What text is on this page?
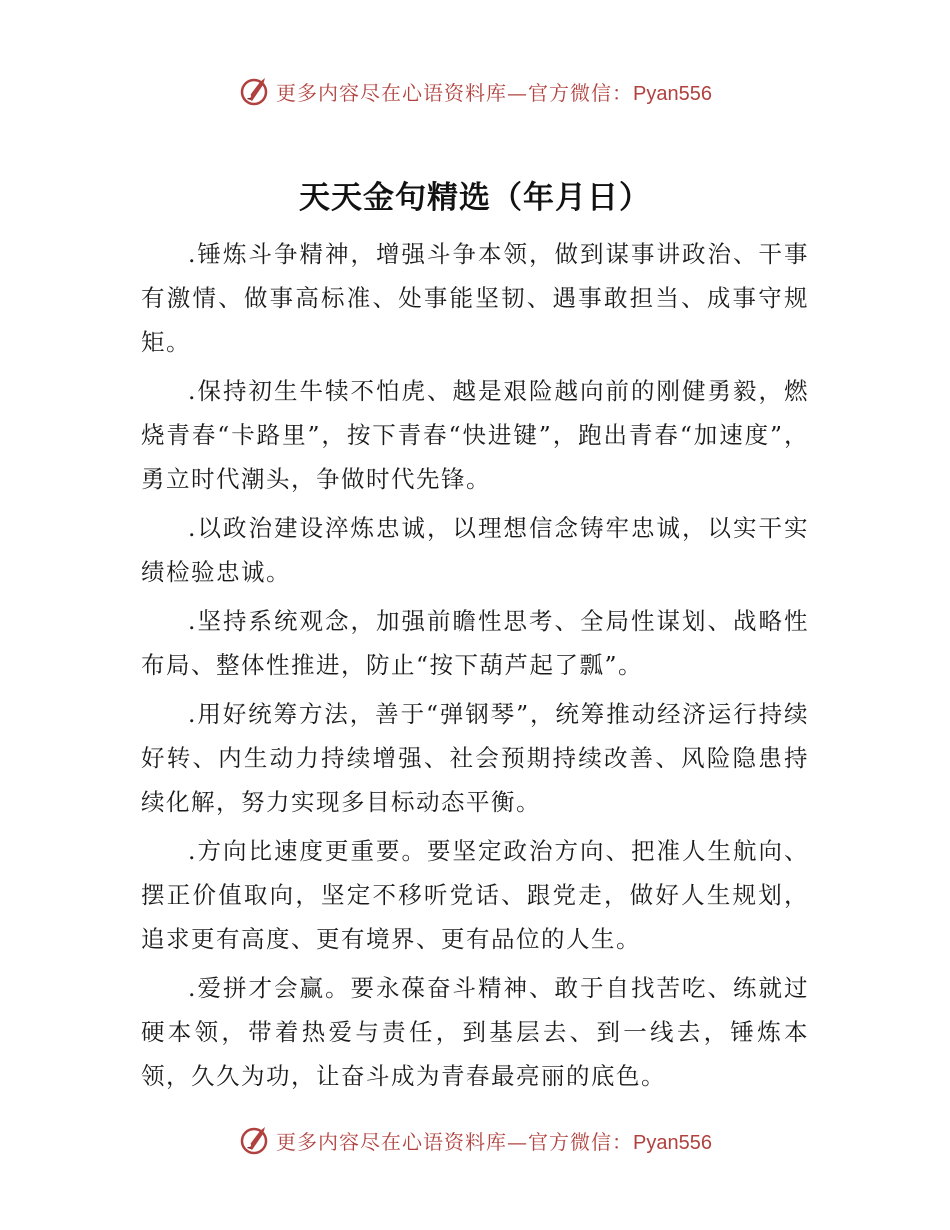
更多内容尽在心语资料库—官方微信：Pyan556
天天金句精选（年月日）

.锤炼斗争精神，增强斗争本领，做到谋事讲政治、干事有激情、做事高标准、处事能坚韧、遇事敢担当、成事守规矩。

.保持初生牛犊不怕虎、越是艰险越向前的刚健勇毅，燃烧青春“卡路里”，按下青春“快进键”，跑出青春“加速度”，勇立时代潮头，争做时代先锋。

.以政治建设淬炼忠诚，以理想信念铸牢忠诚，以实干实绩检验忠诚。

.坚持系统观念，加强前瞻性思考、全局性谋划、战略性布局、整体性推进，防止“按下葫芦起了瓢”。

.用好统筹方法，善于“弹钢琴”，统筹推动经济运行持续好转、内生动力持续增强、社会预期持续改善、风险隐患持续化解，努力实现多目标动态平衡。

.方向比速度更重要。要坚定政治方向、把准人生航向、摆正价值取向，坚定不移听党话、跟党走，做好人生规划，追求更有高度、更有境界、更有品位的人生。

.爱拼才会赢。要永葆奋斗精神、敢于自找苦吃、练就过硬本领，带着热爱与责任，到基层去、到一线去，锤炼本领，久久为功，让奋斗成为青春最亮丽的底色。

更多内容尽在心语资料库—官方微信：Pyan556
